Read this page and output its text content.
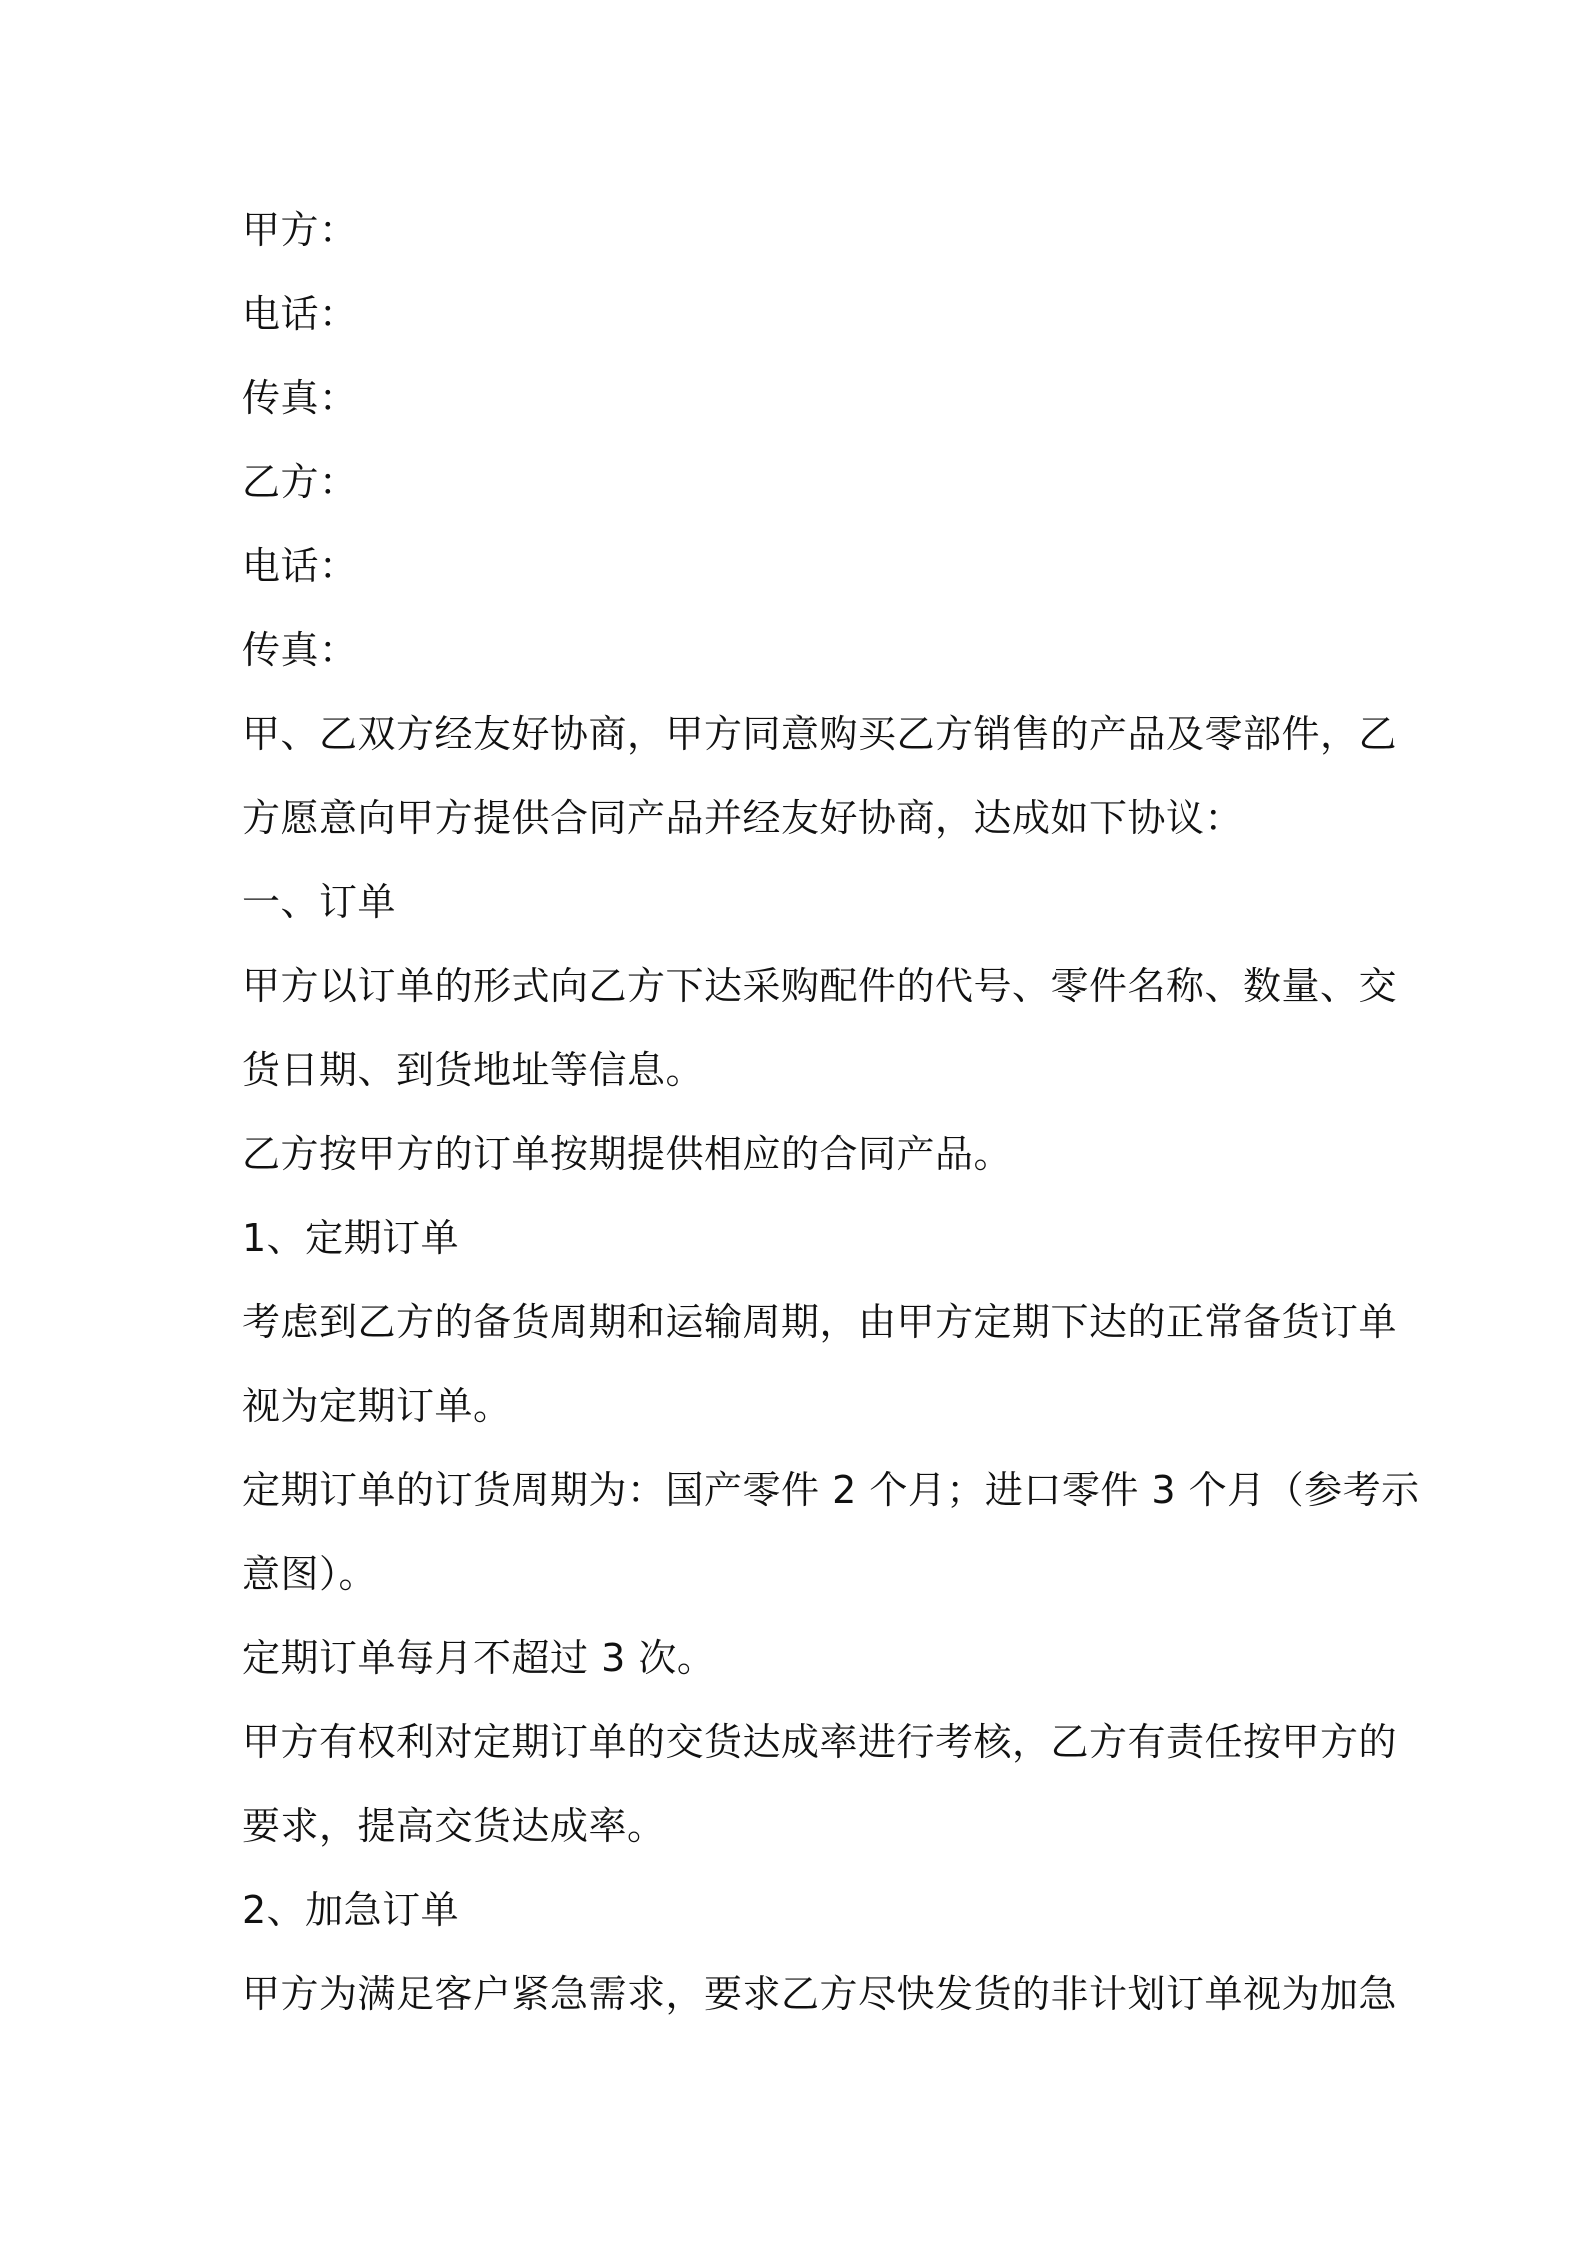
甲方：
电话：
传真：
乙方：
电话：
传真：
甲、乙双方经友好协商，甲方同意购买乙方销售的产品及零部件，乙
方愿意向甲方提供合同产品并经友好协商，达成如下协议：
一、订单
甲方以订单的形式向乙方下达采购配件的代号、零件名称、数量、交
货日期、到货地址等信息。
乙方按甲方的订单按期提供相应的合同产品。
1、定期订单
考虑到乙方的备货周期和运输周期，由甲方定期下达的正常备货订单
视为定期订单。
定期订单的订货周期为：国产零件 2 个月；进口零件 3 个月（参考示
意图）。
定期订单每月不超过 3 次。
甲方有权利对定期订单的交货达成率进行考核，乙方有责任按甲方的
要求，提高交货达成率。
2、加急订单
甲方为满足客户紧急需求，要求乙方尽快发货的非计划订单视为加急
